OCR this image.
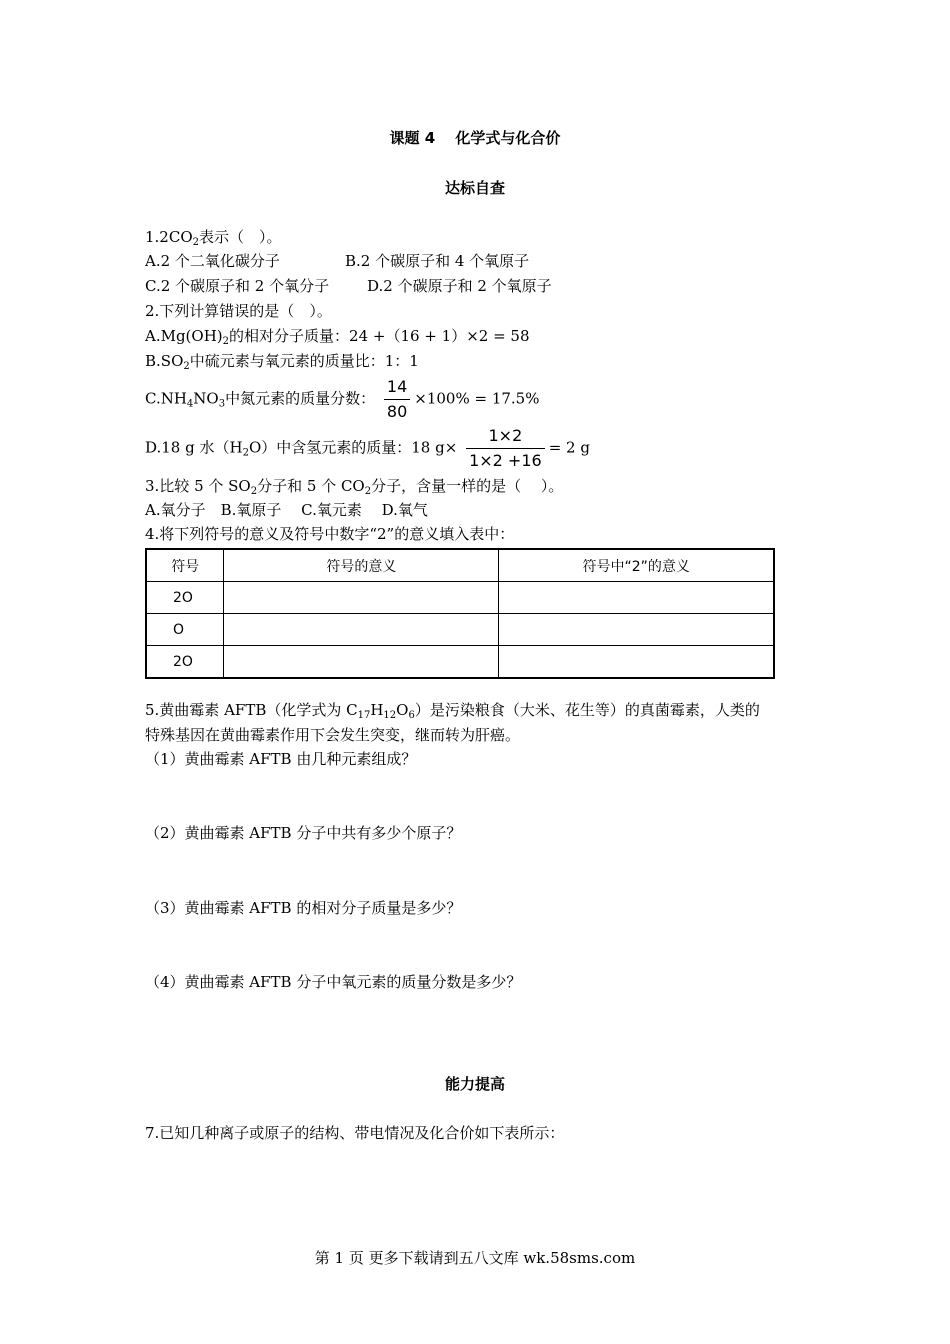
课题 4　 化学式与化合价
达标自查
$1.2CO_2$表示（　）。
A.2 个二氧化碳分子	B.2 个碳原子和 4 个氧原子
C.2 个碳原子和 2 个氧分子	D.2 个碳原子和 2 个氧原子
2.下列计算错误的是（　）。
$A.Mg(OH)_2$的相对分子质量：24 +（16 + 1）×2 = 58
$B.SO_2$中硫元素与氧元素的质量比：1：1
$C.NH_4NO_3$中氮元素的质量分数： $\frac{14}{80} \times 100\% = 17.5\%$
D.18 g 水$(H_2O)$中含氢元素的质量：18 $g\times \frac{1\times 2}{1\times 2 +16} = 2$ g
3.比较 5 个 $SO_2$分子和 5 个 $CO_2$分子，含量一样的是（　 ）。
A.氧分子　B.氧原子　 C.氧元素　 D.氧气
4.将下列符号的意义及符号中数字“2”的意义填入表中：
符号	符号的意义	符号中“2”的意义
2O		
O		
2O		
5.黄曲霉素 AFTB（化学式为 $C_{17}H_{12}O_6$）是污染粮食（大米、花生等）的真菌霉素，人类的
特殊基因在黄曲霉素作用下会发生突变，继而转为肝癌。
（1）黄曲霉素 AFTB 由几种元素组成？
（2）黄曲霉素 AFTB 分子中共有多少个原子？
（3）黄曲霉素 AFTB 的相对分子质量是多少？
（4）黄曲霉素 AFTB 分子中氧元素的质量分数是多少？
能力提高
7.已知几种离子或原子的结构、带电情况及化合价如下表所示：
第 1 页 更多下载请到五八文库 wk.58sms.com
